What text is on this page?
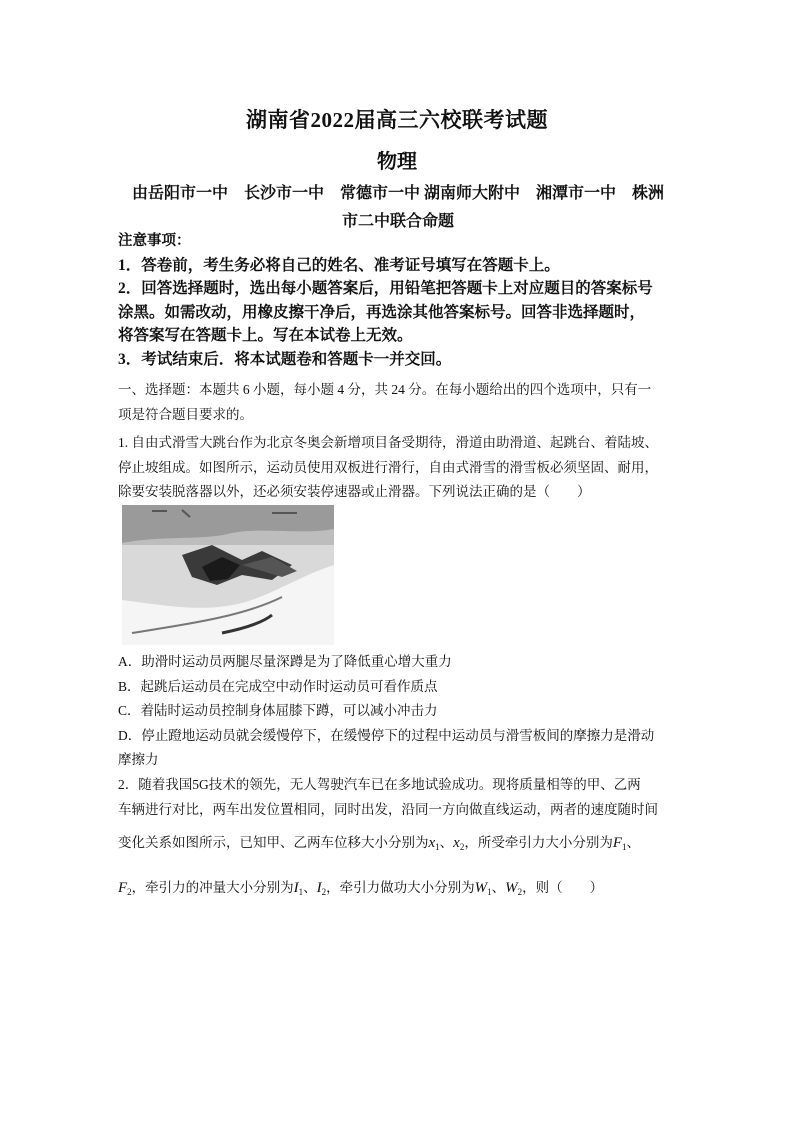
湖南省2022届高三六校联考试题
物理
由岳阳市一中　长沙市一中　常德市一中 湖南师大附中　湘潭市一中　株洲
市二中联合命题
注意事项：
1．答卷前，考生务必将自己的姓名、准考证号填写在答题卡上。
2．回答选择题时，选出每小题答案后，用铅笔把答题卡上对应题目的答案标号
涂黑。如需改动，用橡皮擦干净后，再选涂其他答案标号。回答非选择题时，
将答案写在答题卡上。写在本试卷上无效。
3．考试结束后．将本试题卷和答题卡一并交回。
一、选择题：本题共 6 小题，每小题 4 分，共 24 分。在每小题给出的四个选项中，只有一
项是符合题目要求的。
1. 自由式滑雪大跳台作为北京冬奥会新增项目备受期待，滑道由助滑道、起跳台、着陆坡、
停止坡组成。如图所示，运动员使用双板进行滑行，自由式滑雪的滑雪板必须坚固、耐用，
除要安装脱落器以外，还必须安装停速器或止滑器。下列说法正确的是（　　）
A．助滑时运动员两腿尽量深蹲是为了降低重心增大重力
B．起跳后运动员在完成空中动作时运动员可看作质点
C．着陆时运动员控制身体屈膝下蹲，可以减小冲击力
D．停止蹬地运动员就会缓慢停下，在缓慢停下的过程中运动员与滑雪板间的摩擦力是滑动
摩擦力
2．随着我国5G技术的领先，无人驾驶汽车已在多地试验成功。现将质量相等的甲、乙两
车辆进行对比，两车出发位置相同，同时出发，沿同一方向做直线运动，两者的速度随时间
变化关系如图所示，已知甲、乙两车位移大小分别为$x_1$、$x_2$，所受牵引力大小分别为$F_1$、
$F_2$，牵引力的冲量大小分别为$I_1$、$I_2$，牵引力做功大小分别为$W_1$、$W_2$，则（　　）
